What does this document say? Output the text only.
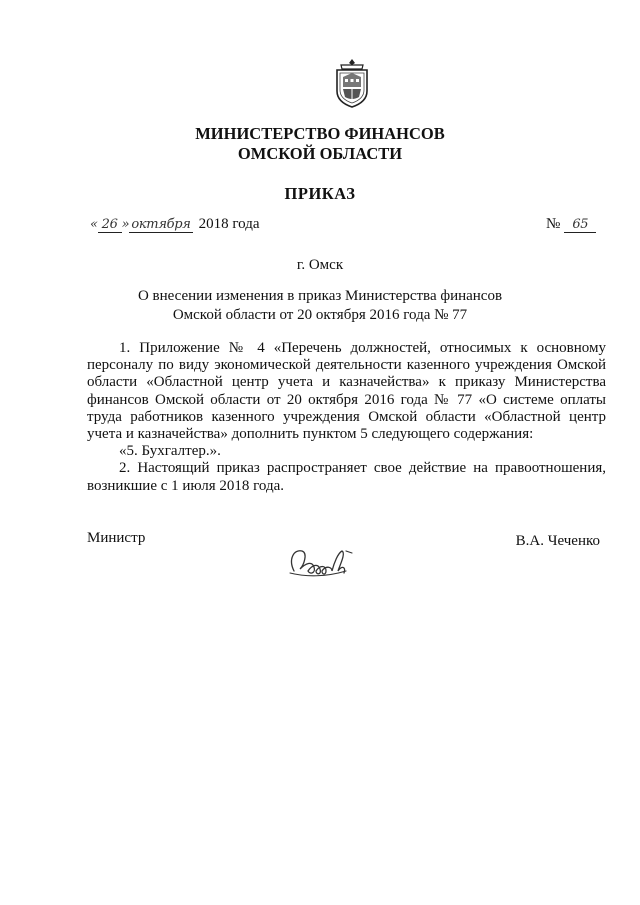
МИНИСТЕРСТВО ФИНАНСОВ
ОМСКОЙ ОБЛАСТИ
ПРИКАЗ
« 26 » октября 2018 года	№ 65
г. Омск
О внесении изменения в приказ Министерства финансов
Омской области от 20 октября 2016 года № 77

1. Приложение № 4 «Перечень должностей, относимых к основному персоналу по виду экономической деятельности казенного учреждения Омской области «Областной центр учета и казначейства» к приказу Министерства финансов Омской области от 20 октября 2016 года № 77 «О системе оплаты труда работников казенного учреждения Омской области «Областной центр учета и казначейства» дополнить пунктом 5 следующего содержания:

«5. Бухгалтер.».

2. Настоящий приказ распространяет свое действие на правоотношения, возникшие с 1 июля 2018 года.

Министр	В.А. Чеченко
